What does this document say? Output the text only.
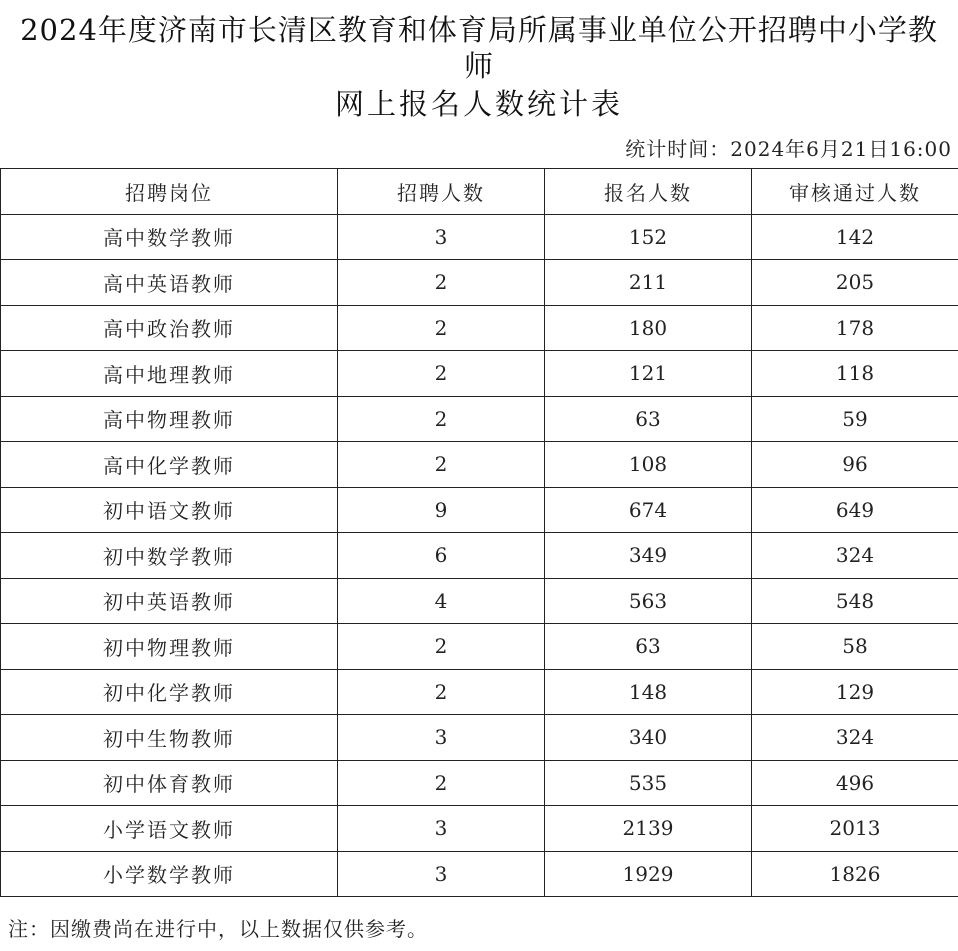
2024年度济南市长清区教育和体育局所属事业单位公开招聘中小学教
师
网上报名人数统计表
统计时间：2024年6月21日16:00
招聘岗位	招聘人数	报名人数	审核通过人数
高中数学教师	3	152	142
高中英语教师	2	211	205
高中政治教师	2	180	178
高中地理教师	2	121	118
高中物理教师	2	63	59
高中化学教师	2	108	96
初中语文教师	9	674	649
初中数学教师	6	349	324
初中英语教师	4	563	548
初中物理教师	2	63	58
初中化学教师	2	148	129
初中生物教师	3	340	324
初中体育教师	2	535	496
小学语文教师	3	2139	2013
小学数学教师	3	1929	1826
注：因缴费尚在进行中，以上数据仅供参考。
